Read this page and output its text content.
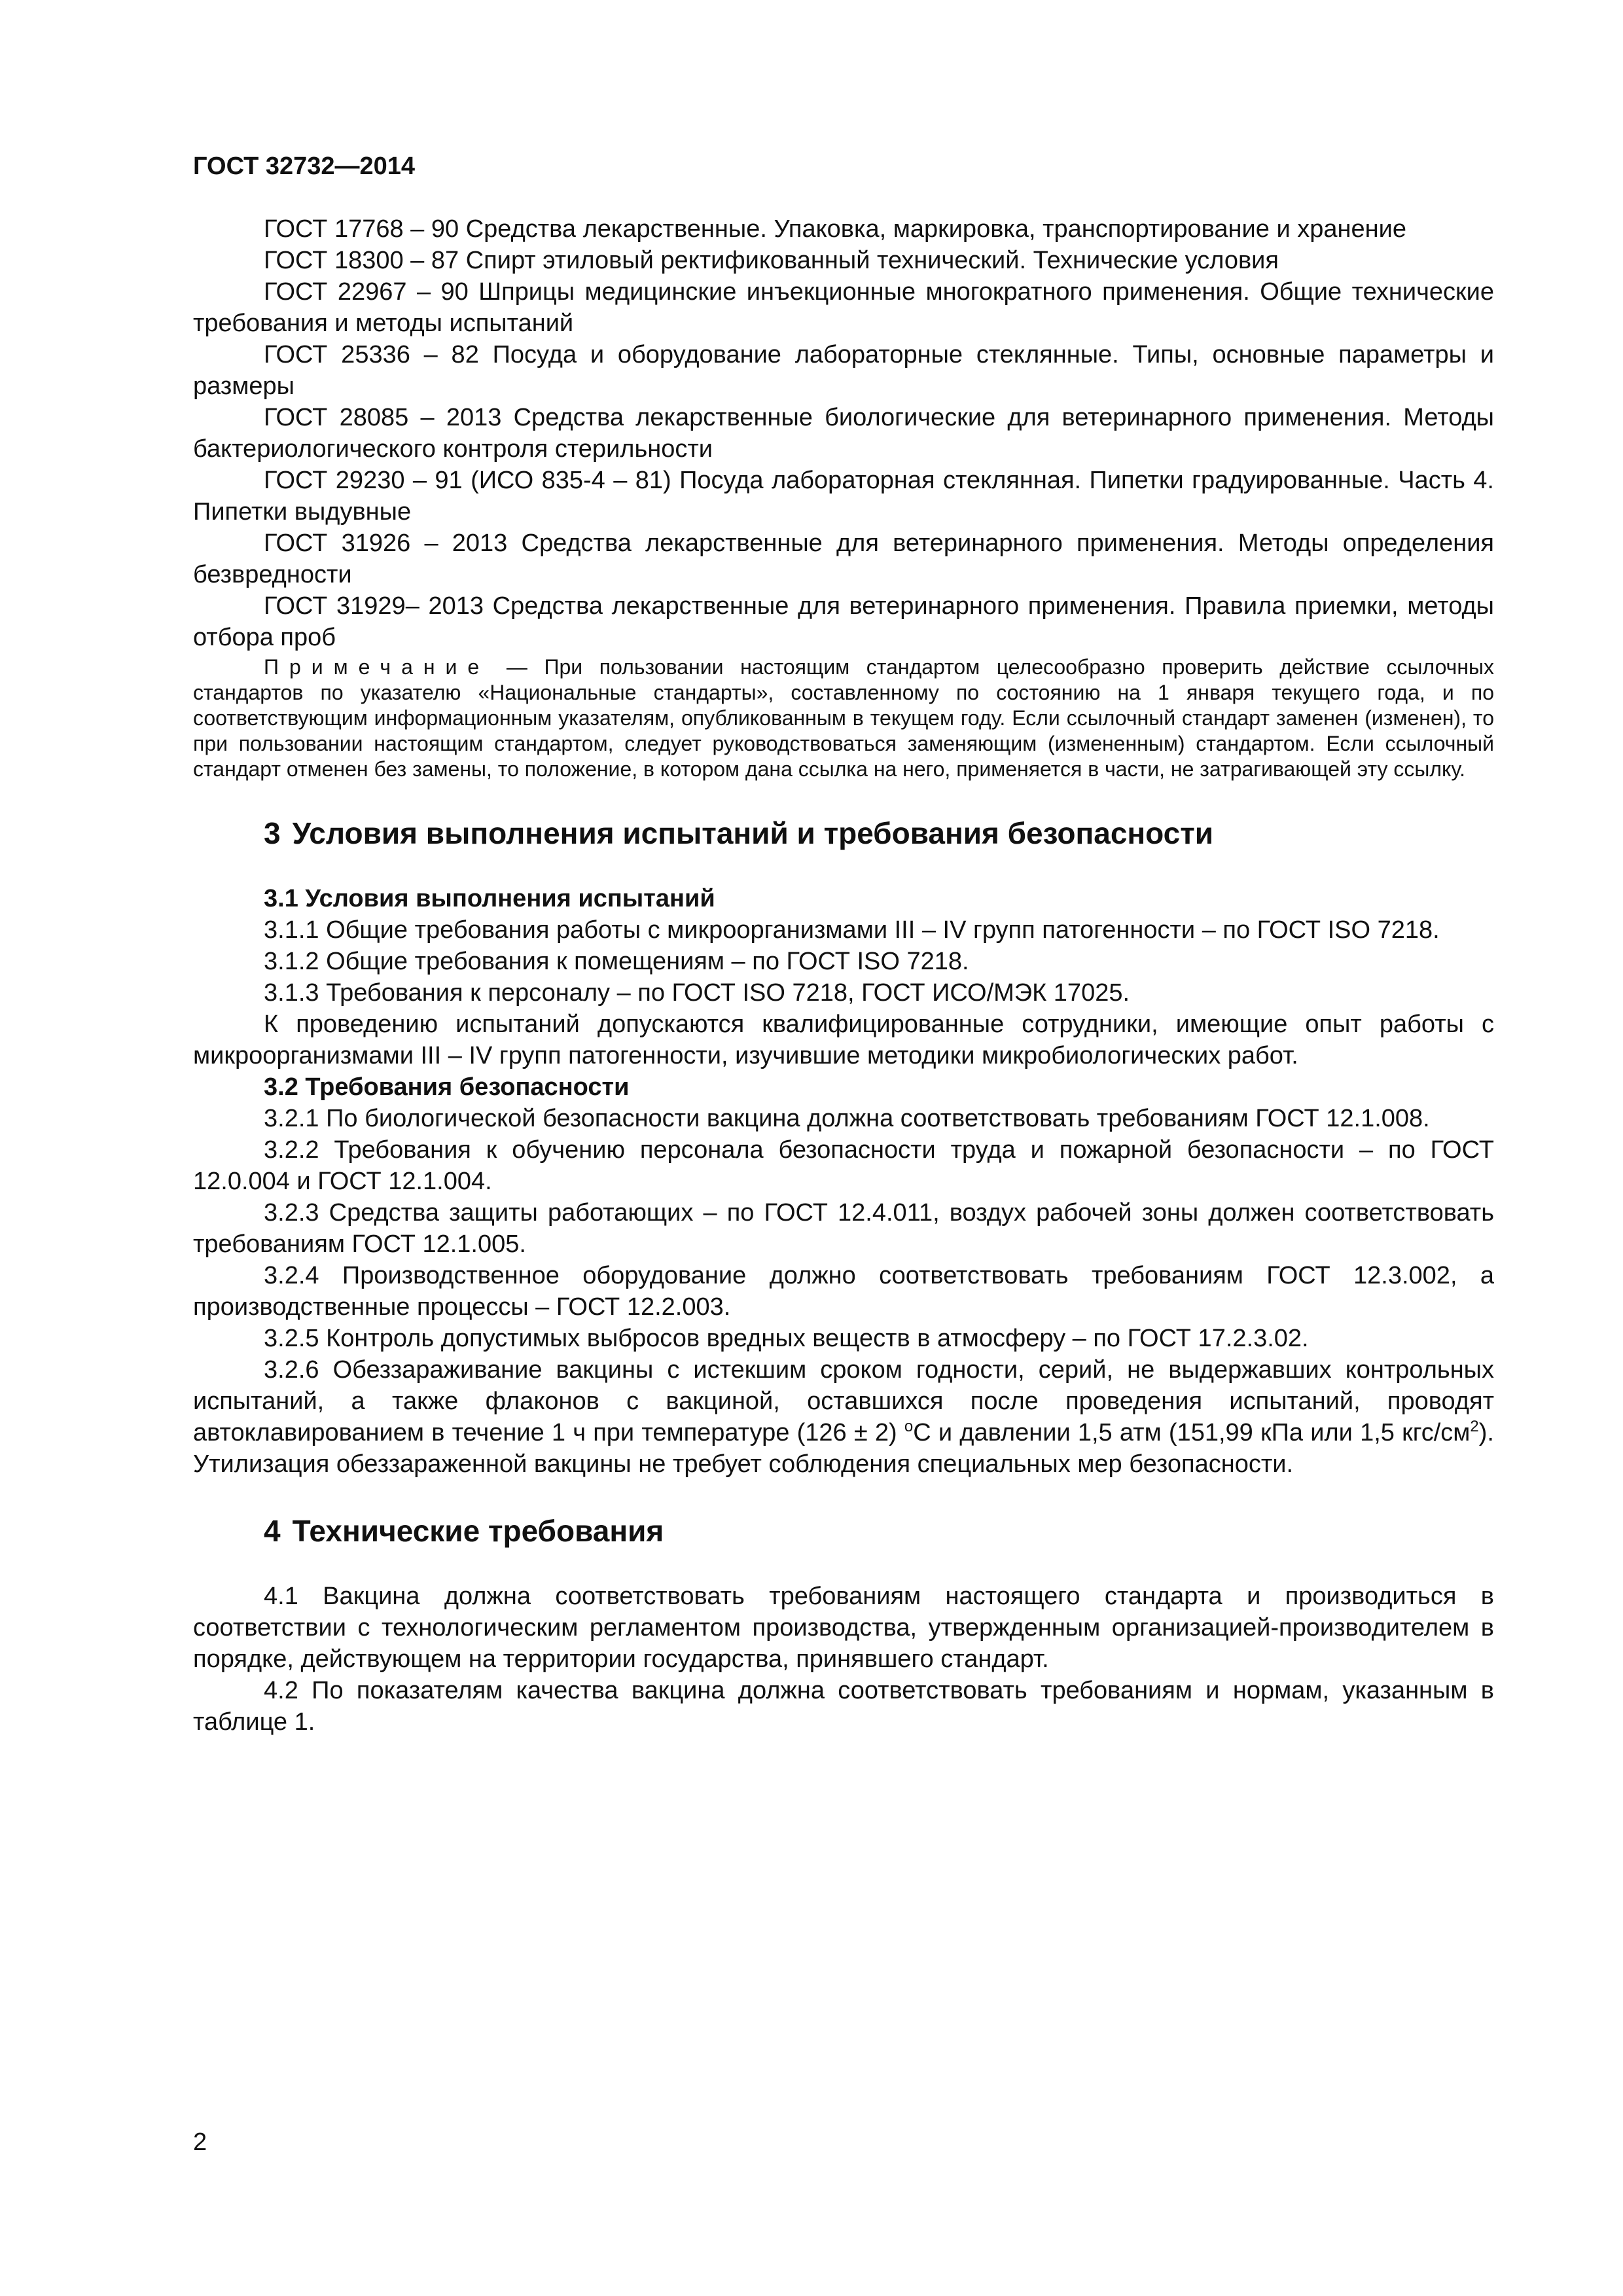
ГОСТ 32732—2014

ГОСТ 17768 – 90 Средства лекарственные. Упаковка, маркировка, транспортирование и хранение

ГОСТ 18300 – 87 Спирт этиловый ректификованный технический. Технические условия

ГОСТ 22967 – 90 Шприцы медицинские инъекционные многократного применения. Общие технические требования и методы испытаний

ГОСТ 25336 – 82 Посуда и оборудование лабораторные стеклянные. Типы, основные параметры и размеры

ГОСТ 28085 – 2013 Средства лекарственные биологические для ветеринарного применения. Методы бактериологического контроля стерильности

ГОСТ 29230 – 91 (ИСО 835-4 – 81) Посуда лабораторная стеклянная. Пипетки градуированные. Часть 4. Пипетки выдувные

ГОСТ 31926 – 2013 Средства лекарственные для ветеринарного применения. Методы определения безвредности

ГОСТ 31929– 2013 Средства лекарственные для ветеринарного применения. Правила приемки, методы отбора проб

Примечание — При пользовании настоящим стандартом целесообразно проверить действие ссылочных стандартов по указателю «Национальные стандарты», составленному по состоянию на 1 января текущего года, и по соответствующим информационным указателям, опубликованным в текущем году. Если ссылочный стандарт заменен (изменен), то при пользовании настоящим стандартом, следует руководствоваться заменяющим (измененным) стандартом. Если ссылочный стандарт отменен без замены, то положение, в котором дана ссылка на него, применяется в части, не затрагивающей эту ссылку.

3 Условия выполнения испытаний и требования безопасности
3.1 Условия выполнения испытаний

3.1.1 Общие требования работы с микроорганизмами III – IV групп патогенности – по ГОСТ ISO 7218.

3.1.2 Общие требования к помещениям – по ГОСТ ISO 7218.

3.1.3 Требования к персоналу – по ГОСТ ISO 7218, ГОСТ ИСО/МЭК 17025.

К проведению испытаний допускаются квалифицированные сотрудники, имеющие опыт работы с микроорганизмами III – IV групп патогенности, изучившие методики микробиологических работ.

3.2 Требования безопасности

3.2.1 По биологической безопасности вакцина должна соответствовать требованиям ГОСТ 12.1.008.

3.2.2 Требования к обучению персонала безопасности труда и пожарной безопасности – по ГОСТ 12.0.004 и ГОСТ 12.1.004.

3.2.3 Средства защиты работающих – по ГОСТ 12.4.011, воздух рабочей зоны должен соответствовать требованиям ГОСТ 12.1.005.

3.2.4 Производственное оборудование должно соответствовать требованиям ГОСТ 12.3.002, а производственные процессы – ГОСТ 12.2.003.

3.2.5 Контроль допустимых выбросов вредных веществ в атмосферу – по ГОСТ 17.2.3.02.

3.2.6 Обеззараживание вакцины с истекшим сроком годности, серий, не выдержавших контрольных испытаний, а также флаконов с вакциной, оставшихся после проведения испытаний, проводят автоклавированием в течение 1 ч при температуре (126 ± 2) $^о$С и давлении 1,5 атм (151,99 кПа или 1,5 кгс/$см^2$). Утилизация обеззараженной вакцины не требует соблюдения специальных мер безопасности.

4 Технические требования

4.1 Вакцина должна соответствовать требованиям настоящего стандарта и производиться в соответствии с технологическим регламентом производства, утвержденным организацией-производителем в порядке, действующем на территории государства, принявшего стандарт.

4.2 По показателям качества вакцина должна соответствовать требованиям и нормам, указанным в таблице 1.

2
